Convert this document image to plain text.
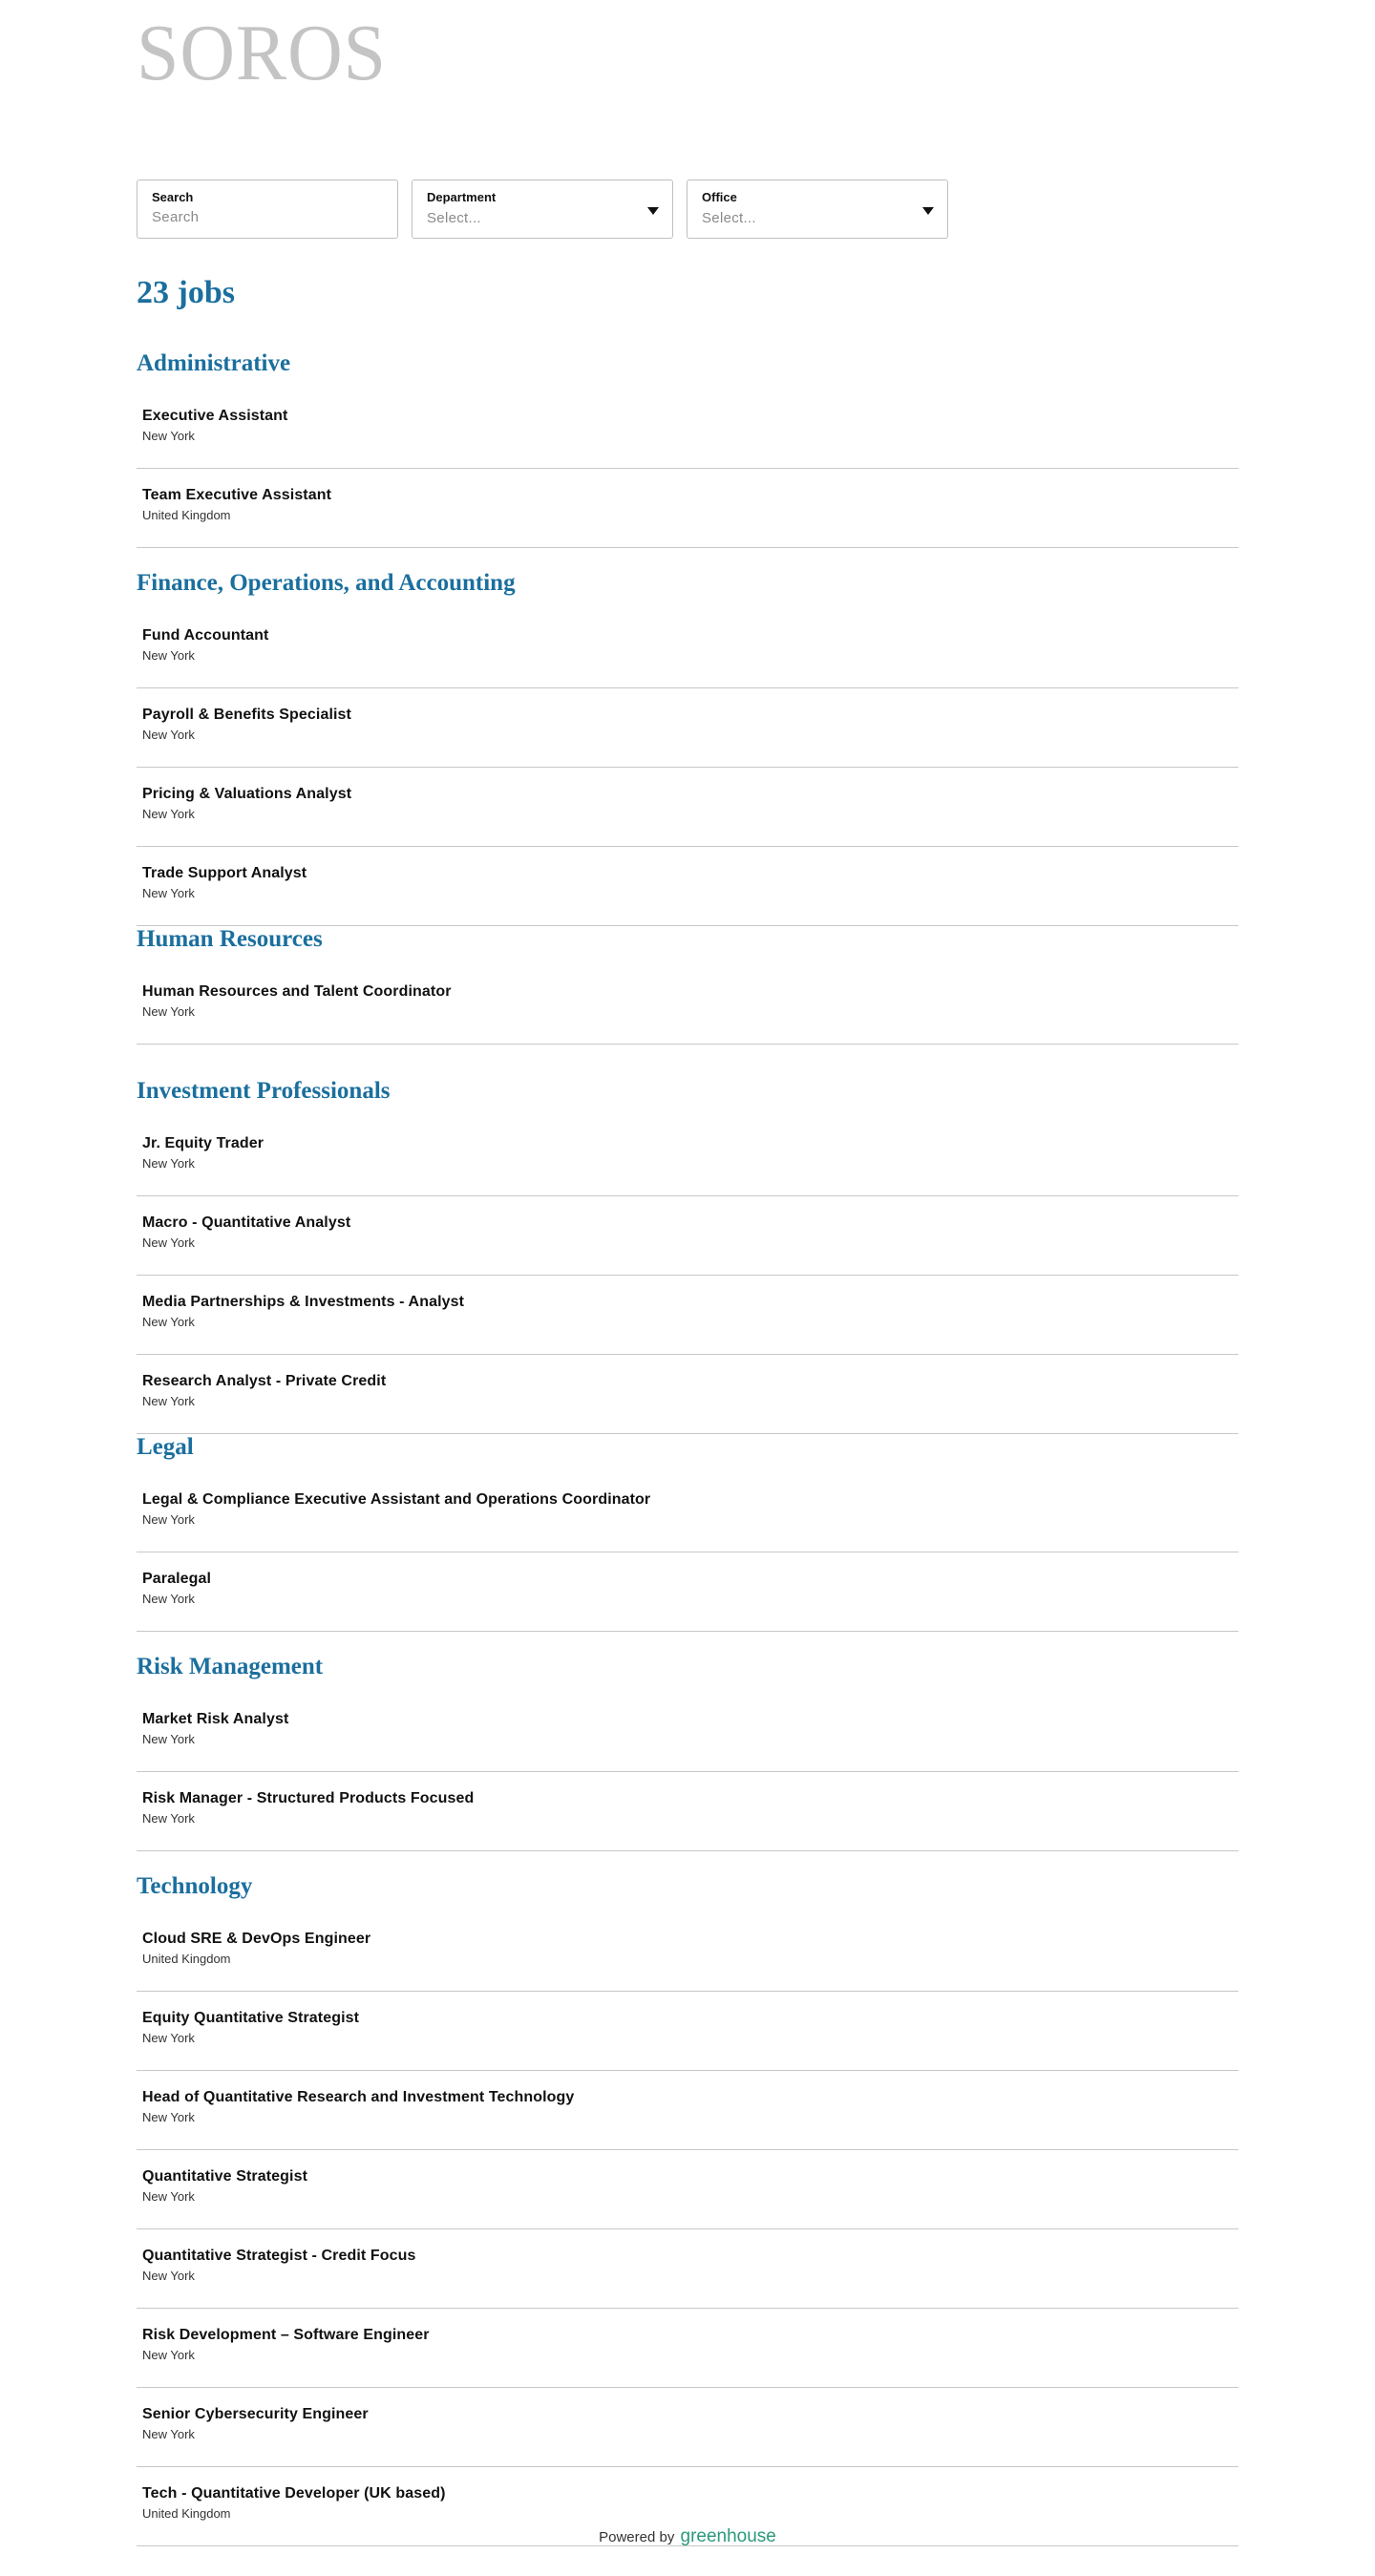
SOROS
Search
Search	Department
Select...
Office
Select...
23 jobs
Administrative
Executive Assistant
New York
Team Executive Assistant
United Kingdom
Finance, Operations, and Accounting
Fund Accountant
New York
Payroll & Benefits Specialist
New York
Pricing & Valuations Analyst
New York
Trade Support Analyst
New York
Human Resources
Human Resources and Talent Coordinator
New York
Investment Professionals
Jr. Equity Trader
New York
Macro - Quantitative Analyst
New York
Media Partnerships & Investments - Analyst
New York
Research Analyst - Private Credit
New York
Legal
Legal & Compliance Executive Assistant and Operations Coordinator
New York
Paralegal
New York
Risk Management
Market Risk Analyst
New York
Risk Manager - Structured Products Focused
New York
Technology
Cloud SRE & DevOps Engineer
United Kingdom
Equity Quantitative Strategist
New York
Head of Quantitative Research and Investment Technology
New York
Quantitative Strategist
New York
Quantitative Strategist - Credit Focus
New York
Risk Development – Software Engineer
New York
Senior Cybersecurity Engineer
New York
Tech - Quantitative Developer (UK based)
United Kingdom
Powered by greenhouse
